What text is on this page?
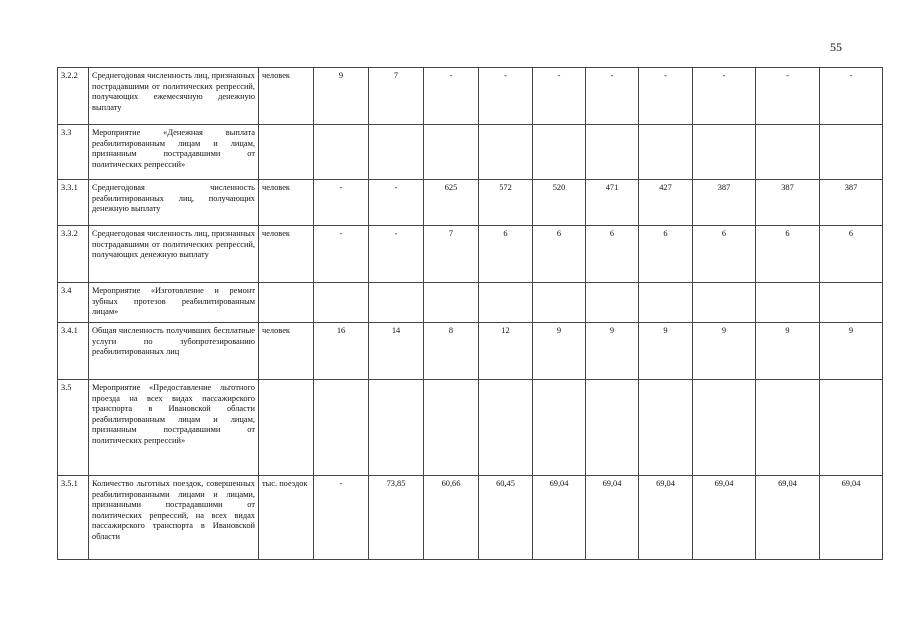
55
3.2.2	Среднегодовая численность лиц, признанных пострадавшими от политических репрессий, получающих ежемесячную денежную выплату	человек	9	7	-	-	-	-	-	-	-	-
3.3	Мероприятие «Денежная выплата реабилитированным лицам и лицам, признанным пострадавшими от политических репрессий»											
3.3.1	Среднегодовая численность реабилитированных лиц, получающих денежную выплату	человек	-	-	625	572	520	471	427	387	387	387
3.3.2	Среднегодовая численность лиц, признанных пострадавшими от политических репрессий, получающих денежную выплату	человек	-	-	7	6	6	6	6	6	6	6
3.4	Мероприятие «Изготовление и ремонт зубных протезов реабилитированным лицам»											
3.4.1	Общая численность получивших бесплатные услуги по зубопротезированию реабилитированных лиц	человек	16	14	8	12	9	9	9	9	9	9
3.5	Мероприятие «Предоставление льготного проезда на всех видах пассажирского транспорта в Ивановской области реабилитированным лицам и лицам, признанным пострадавшими от политических репрессий»											
3.5.1	Количество льготных поездок, совершенных реабилитированными лицами и лицами, признанными пострадавшими от политических репрессий, на всех видах пассажирского транспорта в Ивановской области	тыс. поездок	-	73,85	60,66	60,45	69,04	69,04	69,04	69,04	69,04	69,04
